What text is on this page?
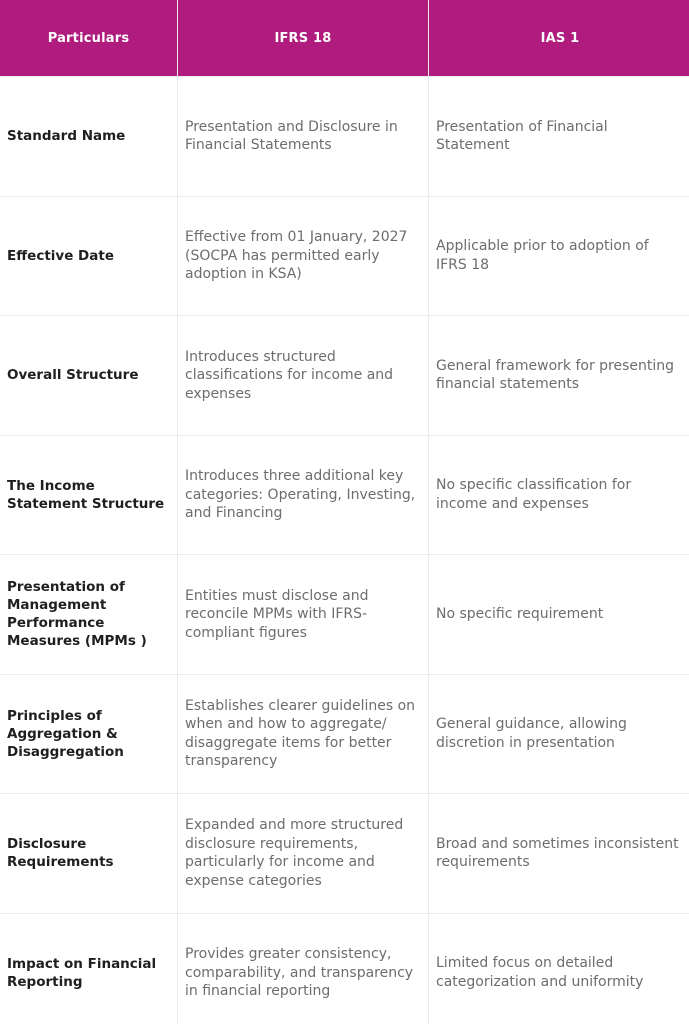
Particulars	IFRS 18	IAS 1
Standard Name
Presentation and Disclosure in Financial Statements
Presentation of Financial Statement
Effective Date
Effective from 01 January, 2027 (SOCPA has permitted early adoption in KSA)
Applicable prior to adoption of IFRS 18
Overall Structure
Introduces structured classifications for income and expenses
General framework for presenting financial statements
The Income Statement Structure
Introduces three additional key categories: Operating, Investing, and Financing
No specific classification for income and expenses
Presentation of Management Performance Measures (MPMs )
Entities must disclose and reconcile MPMs with IFRS-compliant figures
No specific requirement
Principles of Aggregation & Disaggregation
Establishes clearer guidelines on when and how to aggregate/ disaggregate items for better transparency
General guidance, allowing discretion in presentation
Disclosure Requirements
Expanded and more structured disclosure requirements, particularly for income and expense categories
Broad and sometimes inconsistent requirements
Impact on Financial Reporting
Provides greater consistency, comparability, and transparency in financial reporting
Limited focus on detailed categorization and uniformity
